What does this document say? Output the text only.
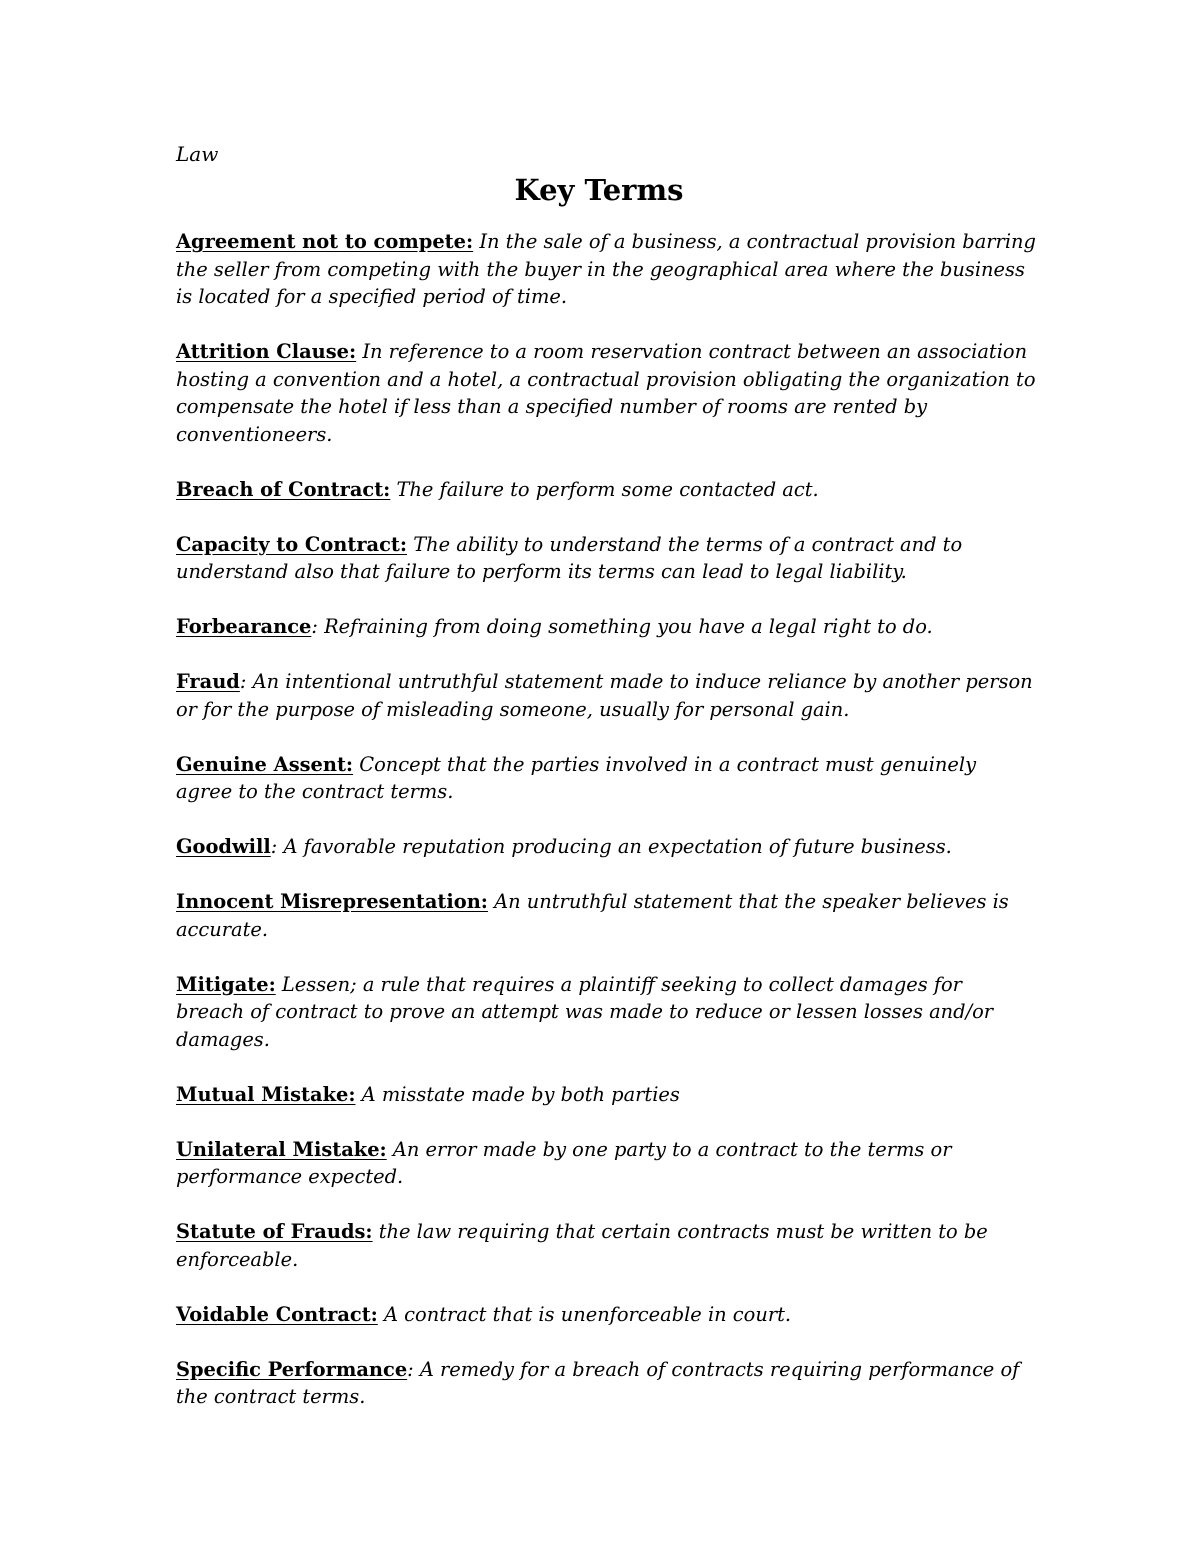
Law

Key Terms
Agreement not to compete: In the sale of a business, a contractual provision barring the seller from competing with the buyer in the geographical area where the business is located for a specified period of time.
Attrition Clause: In reference to a room reservation contract between an association hosting a convention and a hotel, a contractual provision obligating the organization to compensate the hotel if less than a specified number of rooms are rented by conventioneers.
Breach of Contract: The failure to perform some contacted act.
Capacity to Contract: The ability to understand the terms of a contract and to understand also that failure to perform its terms can lead to legal liability.
Forbearance: Refraining from doing something you have a legal right to do.
Fraud: An intentional untruthful statement made to induce reliance by another person or for the purpose of misleading someone, usually for personal gain.
Genuine Assent: Concept that the parties involved in a contract must genuinely agree to the contract terms.
Goodwill: A favorable reputation producing an expectation of future business.
Innocent Misrepresentation: An untruthful statement that the speaker believes is accurate.
Mitigate: Lessen; a rule that requires a plaintiff seeking to collect damages for breach of contract to prove an attempt was made to reduce or lessen losses and/or damages.
Mutual Mistake: A misstate made by both parties
Unilateral Mistake: An error made by one party to a contract to the terms or performance expected.
Statute of Frauds: the law requiring that certain contracts must be written to be enforceable.
Voidable Contract: A contract that is unenforceable in court.
Specific Performance: A remedy for a breach of contracts requiring performance of the contract terms.
